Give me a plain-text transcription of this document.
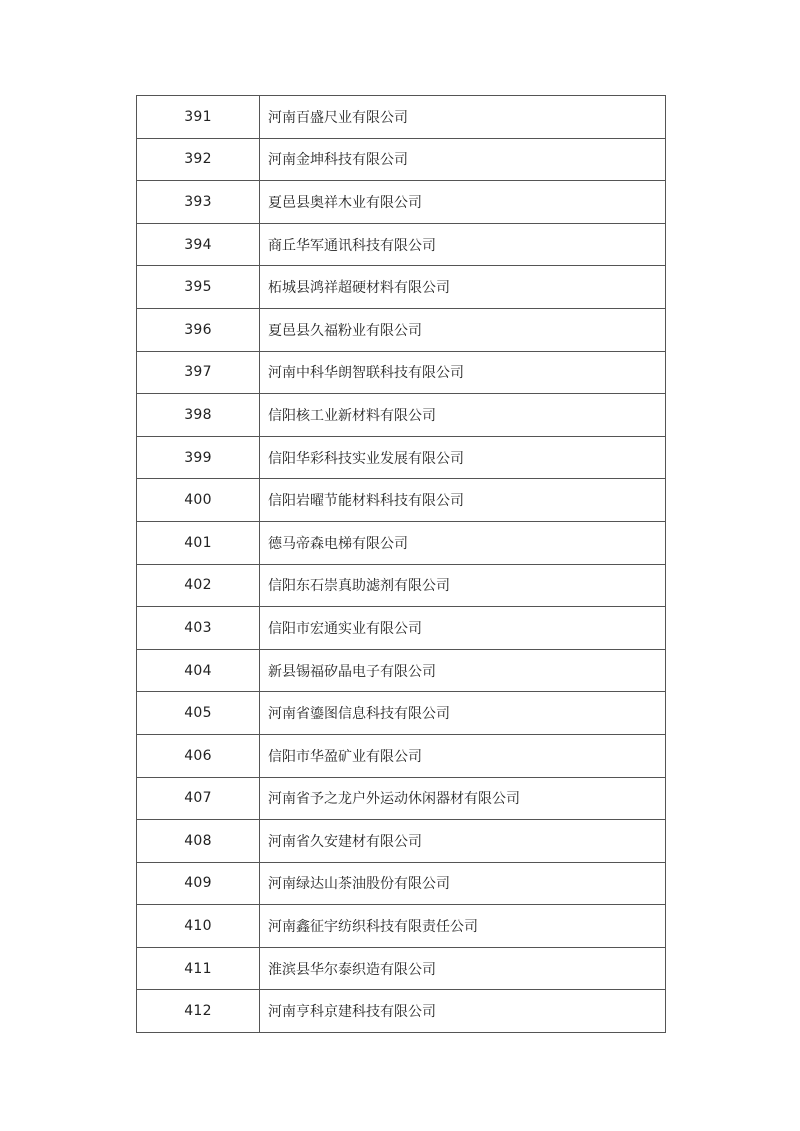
391	河南百盛尺业有限公司
392	河南金坤科技有限公司
393	夏邑县奥祥木业有限公司
394	商丘华军通讯科技有限公司
395	柘城县鸿祥超硬材料有限公司
396	夏邑县久福粉业有限公司
397	河南中科华朗智联科技有限公司
398	信阳核工业新材料有限公司
399	信阳华彩科技实业发展有限公司
400	信阳岩曜节能材料科技有限公司
401	德马帝森电梯有限公司
402	信阳东石崇真助滤剂有限公司
403	信阳市宏通实业有限公司
404	新县锡福矽晶电子有限公司
405	河南省鎏图信息科技有限公司
406	信阳市华盈矿业有限公司
407	河南省予之龙户外运动休闲器材有限公司
408	河南省久安建材有限公司
409	河南绿达山茶油股份有限公司
410	河南鑫征宇纺织科技有限责任公司
411	淮滨县华尔泰织造有限公司
412	河南亨科京建科技有限公司
